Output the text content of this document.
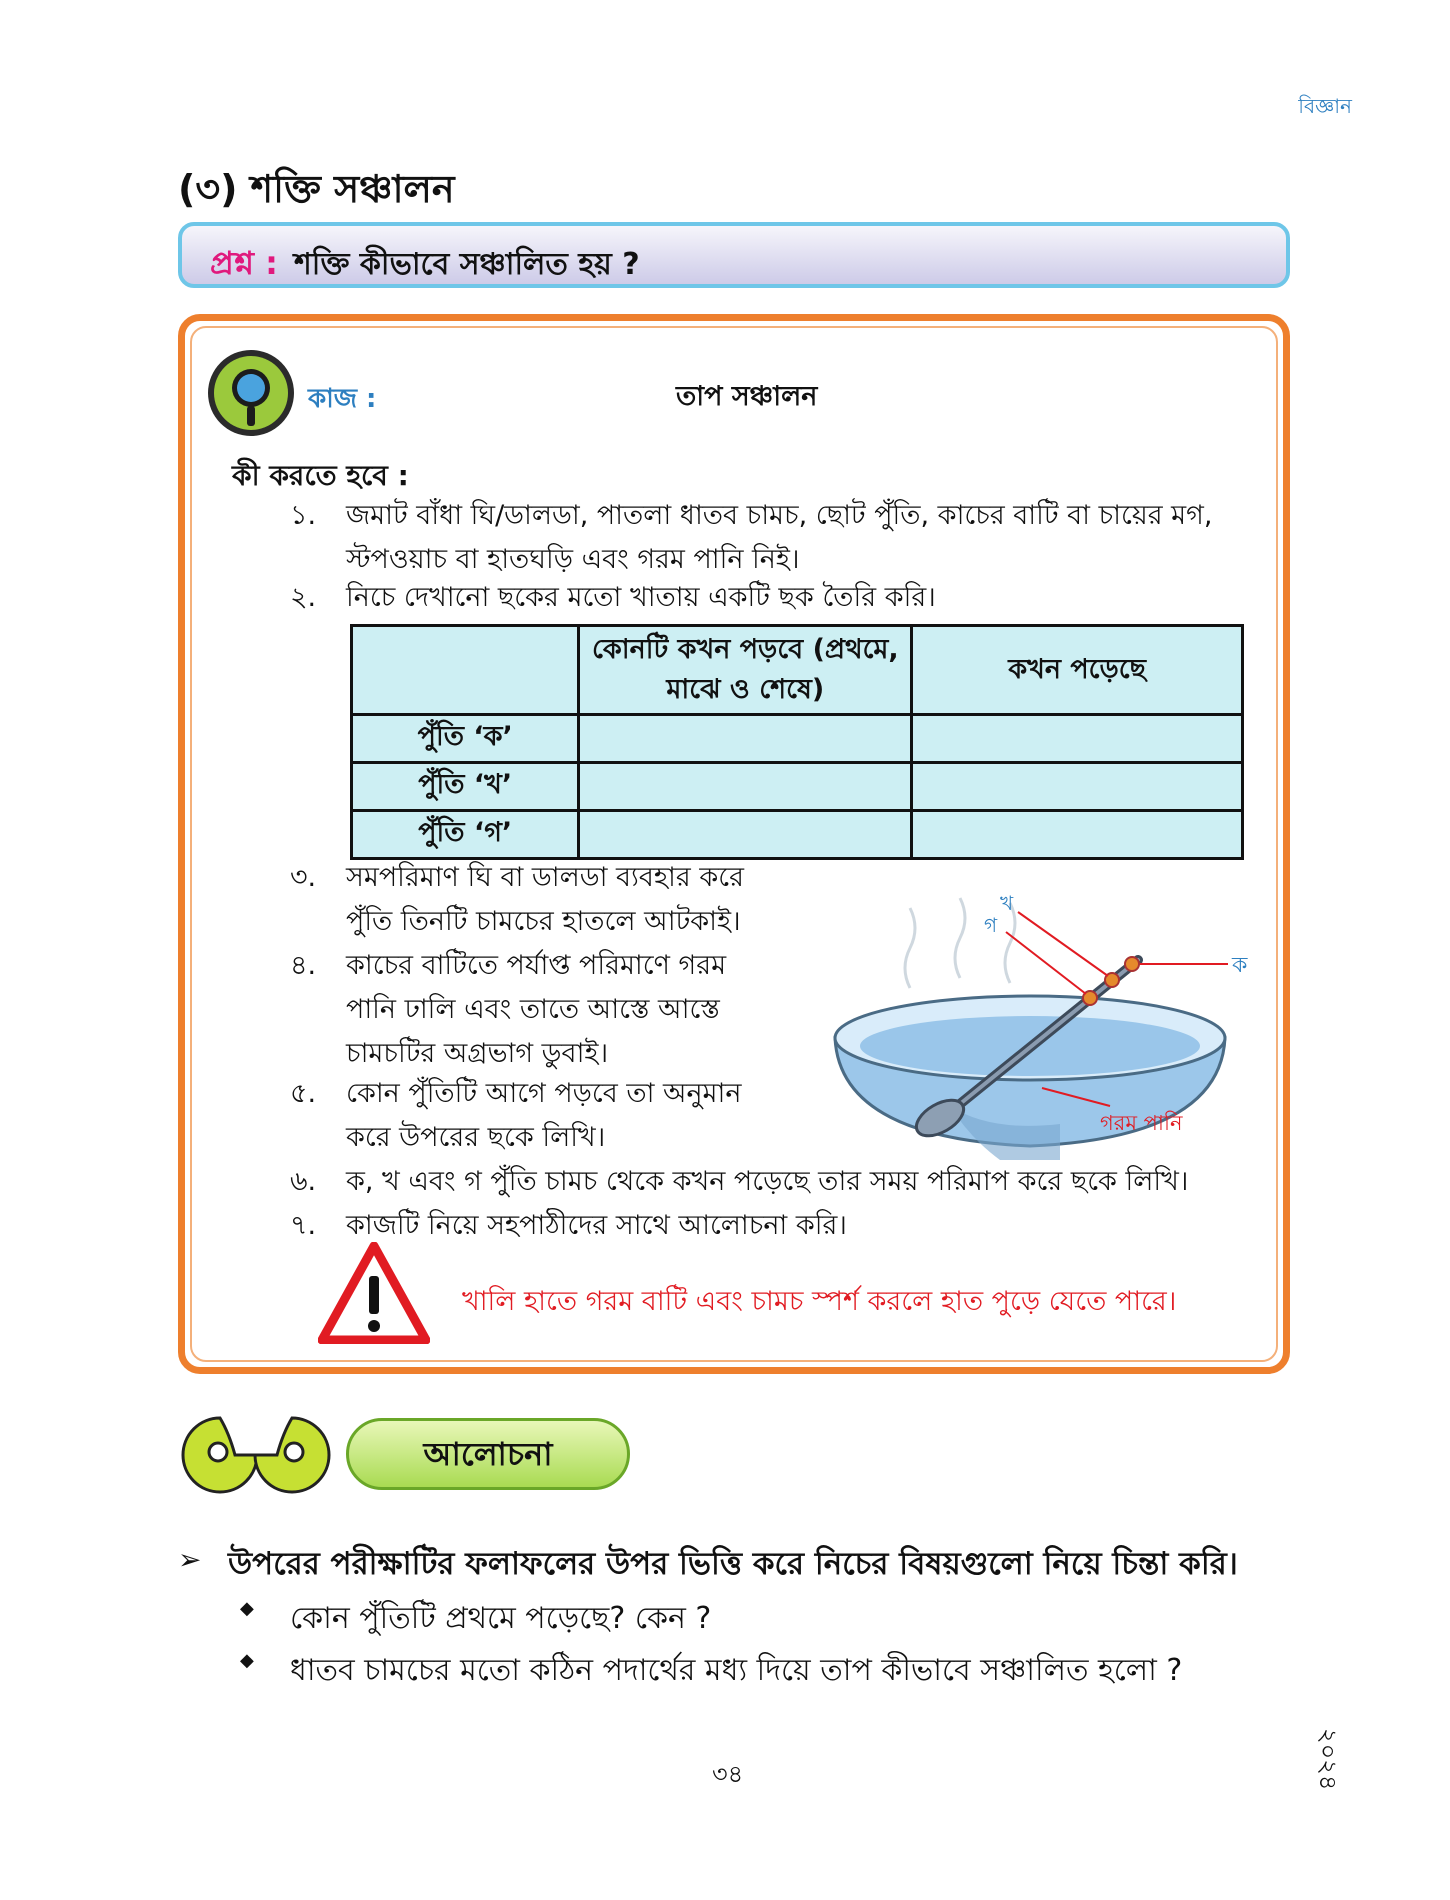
বিজ্ঞান
(৩) শক্তি সঞ্চালন
প্রশ্ন : শক্তি কীভাবে সঞ্চালিত হয় ?
কাজ :	তাপ সঞ্চালন
কী করতে হবে :
১.	জমাট বাঁধা ঘি/ডালডা, পাতলা ধাতব চামচ, ছোট পুঁতি, কাচের বাটি বা চায়ের মগ,
স্টপওয়াচ বা হাতঘড়ি এবং গরম পানি নিই।
২.	নিচে দেখানো ছকের মতো খাতায় একটি ছক তৈরি করি।
	কোনটি কখন পড়বে (প্রথমে, মাঝে ও শেষে)	কখন পড়েছে
পুঁতি ‘ক’		
পুঁতি ‘খ’		
পুঁতি ‘গ’		
৩.	সমপরিমাণ ঘি বা ডালডা ব্যবহার করে
পুঁতি তিনটি চামচের হাতলে আটকাই।
৪.	কাচের বাটিতে পর্যাপ্ত পরিমাণে গরম
পানি ঢালি এবং তাতে আস্তে আস্তে
চামচটির অগ্রভাগ ডুবাই।
৫.	কোন পুঁতিটি আগে পড়বে তা অনুমান
করে উপরের ছকে লিখি।
৬.	ক, খ এবং গ পুঁতি চামচ থেকে কখন পড়েছে তার সময় পরিমাপ করে ছকে লিখি।
৭.	কাজটি নিয়ে সহপাঠীদের সাথে আলোচনা করি।
ক
খ
গ
গরম পানি
খালি হাতে গরম বাটি এবং চামচ স্পর্শ করলে হাত পুড়ে যেতে পারে।
আলোচনা
➢ উপরের পরীক্ষাটির ফলাফলের উপর ভিত্তি করে নিচের বিষয়গুলো নিয়ে চিন্তা করি।
◆ কোন পুঁতিটি প্রথমে পড়েছে? কেন ?
◆ ধাতব চামচের মতো কঠিন পদার্থের মধ্য দিয়ে তাপ কীভাবে সঞ্চালিত হলো ?
৩৪	২০২৪
